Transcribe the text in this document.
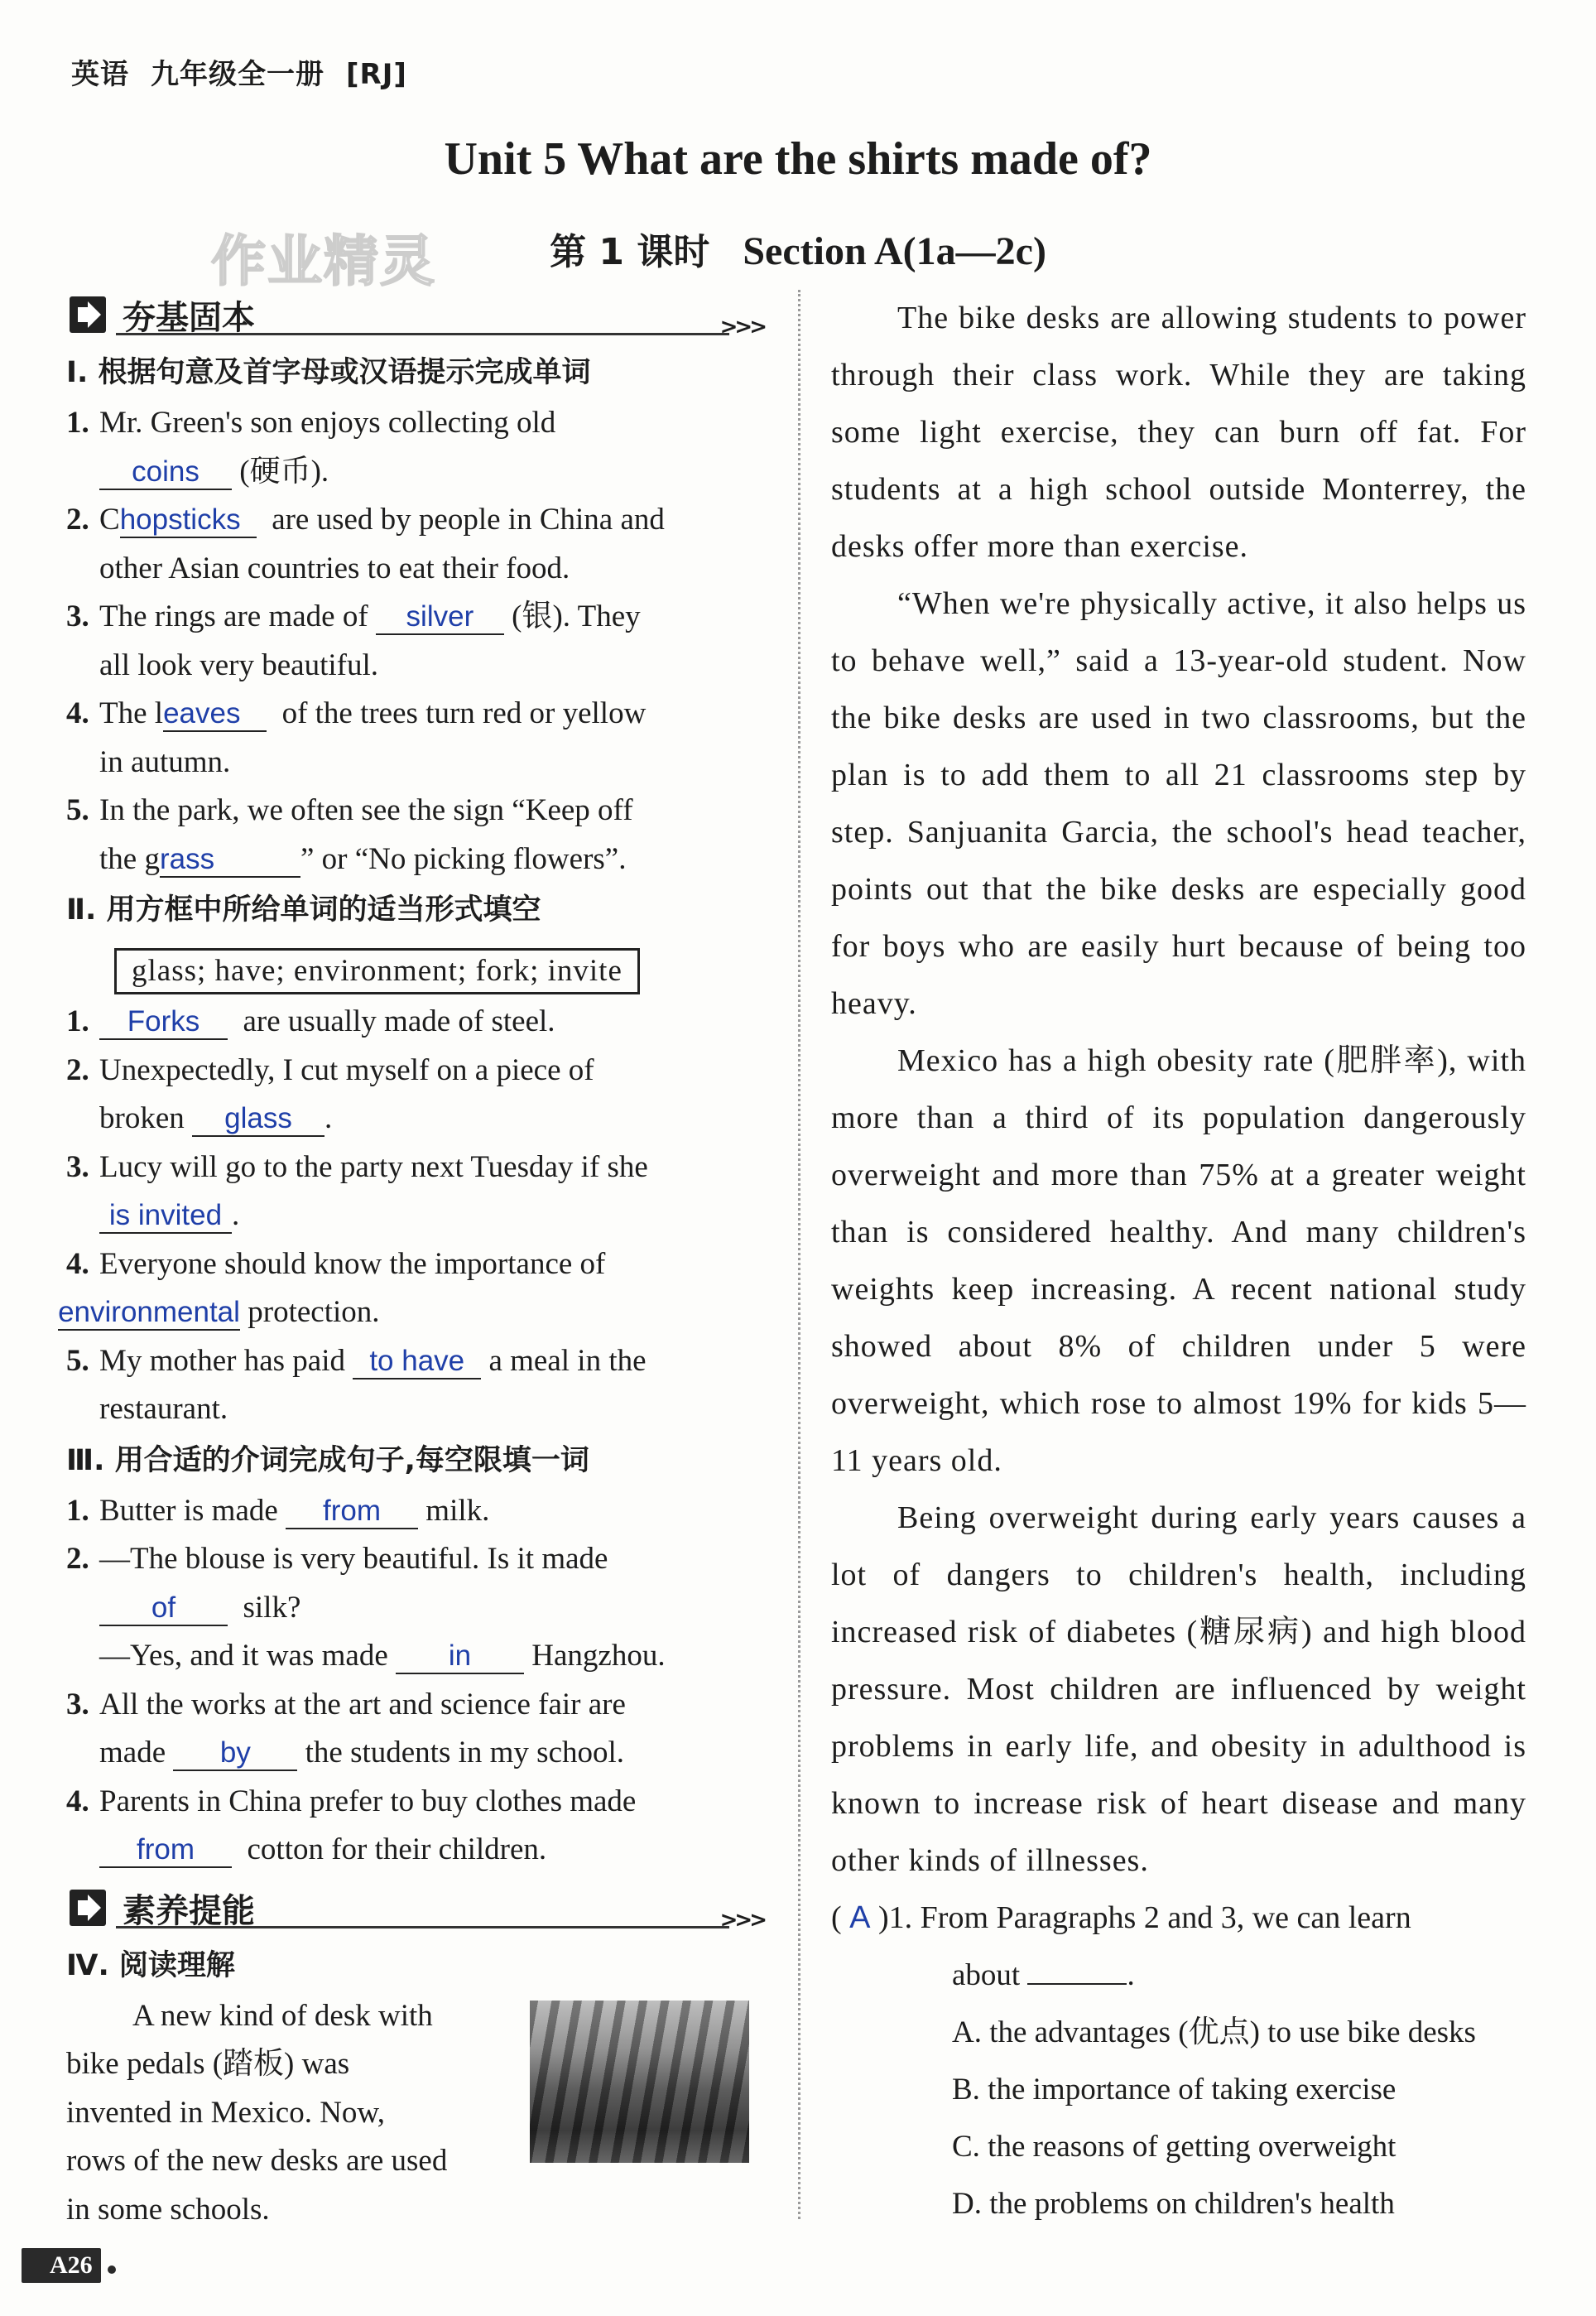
英语 九年级全一册 [RJ]
Unit 5 What are the shirts made of?
第 1 课时 Section A(1a—2c)
作业精灵
夯基固本	>>>

Ⅰ. 根据句意及首字母或汉语提示完成单词

1. Mr. Green's son enjoys collecting old
coins (硬币).
2. Chopsticks are used by people in China and
other Asian countries to eat their food.
3. The rings are made of silver (银). They
all look very beautiful.
4. The leaves of the trees turn red or yellow
in autumn.
5. In the park, we often see the sign “Keep off
the grass	” or “No picking flowers”.

Ⅱ. 用方框中所给单词的适当形式填空

glass; have; environment; fork; invite
1. Forks are usually made of steel.
2. Unexpectedly, I cut myself on a piece of
broken glass .
3. Lucy will go to the party next Tuesday if she
is invited .
4. Everyone should know the importance of
environmental protection.
5. My mother has paid to have a meal in the
restaurant.

Ⅲ. 用合适的介词完成句子,每空限填一词

1. Butter is made from milk.
2. —The blouse is very beautiful. Is it made
of silk?
—Yes, and it was made in Hangzhou.
3. All the works at the art and science fair are
made by the students in my school.
4. Parents in China prefer to buy clothes made
from cotton for their children.
素养提能	>>>

Ⅳ. 阅读理解

A new kind of desk with
bike pedals (踏板) was
invented in Mexico. Now,
rows of the new desks are used
in some schools.

The bike desks are allowing students to power through their class work. While they are taking some light exercise, they can burn off fat. For students at a high school outside Monterrey, the desks offer more than exercise.

“When we're physically active, it also helps us to behave well,” said a 13-year-old student. Now the bike desks are used in two classrooms, but the plan is to add them to all 21 classrooms step by step. Sanjuanita Garcia, the school's head teacher, points out that the bike desks are especially good for boys who are easily hurt because of being too heavy.

Mexico has a high obesity rate (肥胖率), with more than a third of its population dangerously overweight and more than 75% at a greater weight than is considered healthy. And many children's weights keep increasing. A recent national study showed about 8% of children under 5 were overweight, which rose to almost 19% for kids 5—11 years old.

Being overweight during early years causes a lot of dangers to children's health, including increased risk of diabetes (糖尿病) and high blood pressure. Most children are influenced by weight problems in early life, and obesity in adulthood is known to increase risk of heart disease and many other kinds of illnesses.

( A )1. From Paragraphs 2 and 3, we can learn
about	.
A. the advantages (优点) to use bike desks
B. the importance of taking exercise
C. the reasons of getting overweight
D. the problems on children's health
A26
